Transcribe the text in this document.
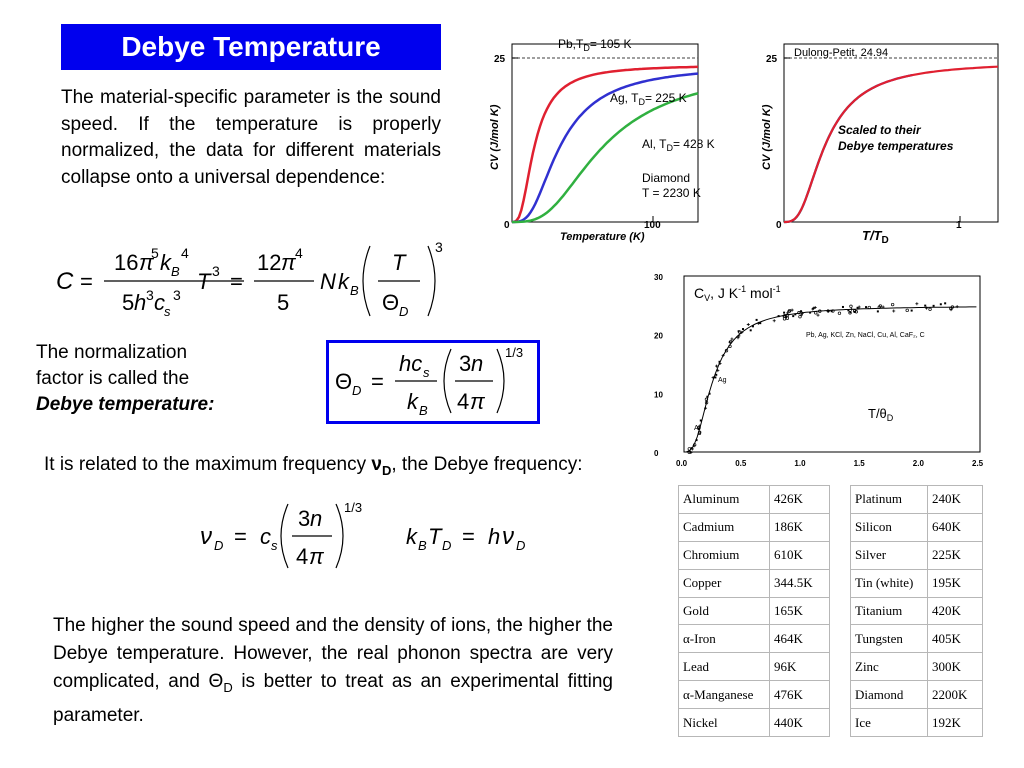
Debye Temperature
The material-specific parameter is the sound speed. If the temperature is properly normalized, the data for different materials collapse onto a universal dependence:
C =
16 π
5 k B
4
5 h 3 c s
3
T 3 =
12 π 4
5
N k B
T
Θ D
3
The normalization
factor is called the
Debye temperature:
Θ D =
hc s
k B
3 n
4 π
1/3
It is related to the maximum frequency $\nu_D$, the Debye frequency:
ν D = c s
3 n
4 π
1/3
k B T D = h ν D
The higher the sound speed and the density of ions, the higher the Debye temperature. However, the real phonon spectra are very complicated, and $\Theta_D$ is better to treat as an experimental fitting parameter.
25
0	100
Temperature (K)
CV (J/mol K)
$Pb,T_D= 105$ K
Ag, $T_D= 225$ K
Al, $T_D= 428$ K
Diamond
T = 2230 K
25
Dulong-Petit, 24.94
0	1
$T/T_D$
CV (J/mol K)	Scaled to their
Debye temperatures
30
20
10
0
0.0	0.5	1.0	1.5	2.0	2.5
$C_V$, J $K^{-1}$ mol$^{-1}$
Pb, Ag, KCl, Zn, NaCl, Cu, Al, CaF₂, C
$T/\theta_D$
Ag
Al
Aluminum	426K		Platinum	240K
Cadmium	186K		Silicon	640K
Chromium	610K		Silver	225K
Copper	344.5K		Tin (white)	195K
Gold	165K		Titanium	420K
α-Iron	464K		Tungsten	405K
Lead	96K		Zinc	300K
α-Manganese	476K		Diamond	2200K
Nickel	440K		Ice	192K
